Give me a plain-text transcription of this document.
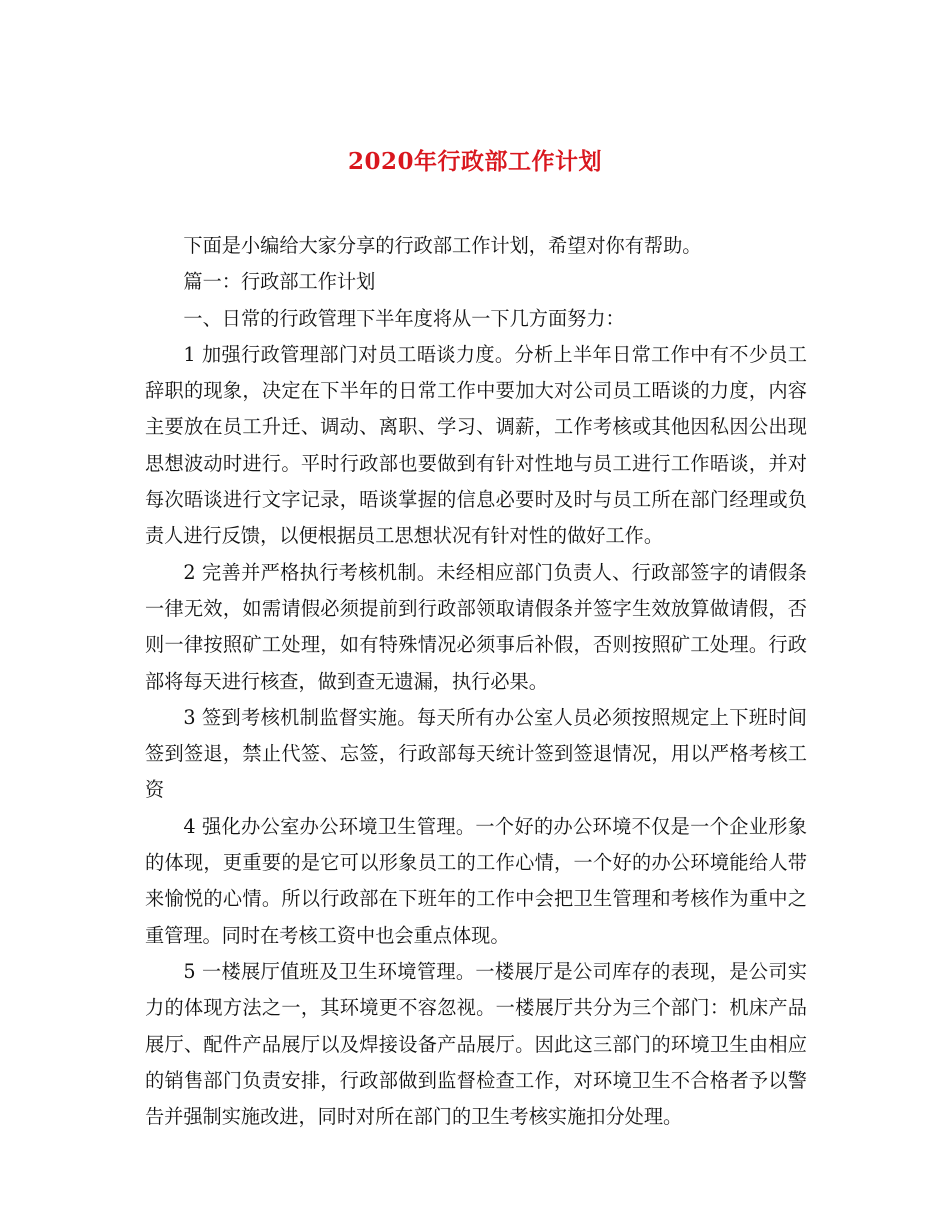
2020年行政部工作计划

下面是小编给大家分享的行政部工作计划，希望对你有帮助。

篇一：行政部工作计划

一、日常的行政管理下半年度将从一下几方面努力：

1 加强行政管理部门对员工晤谈力度。分析上半年日常工作中有不少员工辞职的现象，决定在下半年的日常工作中要加大对公司员工晤谈的力度，内容主要放在员工升迁、调动、离职、学习、调薪，工作考核或其他因私因公出现思想波动时进行。平时行政部也要做到有针对性地与员工进行工作晤谈，并对每次晤谈进行文字记录，晤谈掌握的信息必要时及时与员工所在部门经理或负责人进行反馈，以便根据员工思想状况有针对性的做好工作。

2 完善并严格执行考核机制。未经相应部门负责人、行政部签字的请假条一律无效，如需请假必须提前到行政部领取请假条并签字生效放算做请假，否则一律按照矿工处理，如有特殊情况必须事后补假，否则按照矿工处理。行政部将每天进行核查，做到查无遗漏，执行必果。

3 签到考核机制监督实施。每天所有办公室人员必须按照规定上下班时间签到签退，禁止代签、忘签，行政部每天统计签到签退情况，用以严格考核工资

4 强化办公室办公环境卫生管理。一个好的办公环境不仅是一个企业形象的体现，更重要的是它可以形象员工的工作心情，一个好的办公环境能给人带来愉悦的心情。所以行政部在下班年的工作中会把卫生管理和考核作为重中之重管理。同时在考核工资中也会重点体现。

5 一楼展厅值班及卫生环境管理。一楼展厅是公司库存的表现，是公司实力的体现方法之一，其环境更不容忽视。一楼展厅共分为三个部门：机床产品展厅、配件产品展厅以及焊接设备产品展厅。因此这三部门的环境卫生由相应的销售部门负责安排，行政部做到监督检查工作，对环境卫生不合格者予以警告并强制实施改进，同时对所在部门的卫生考核实施扣分处理。
